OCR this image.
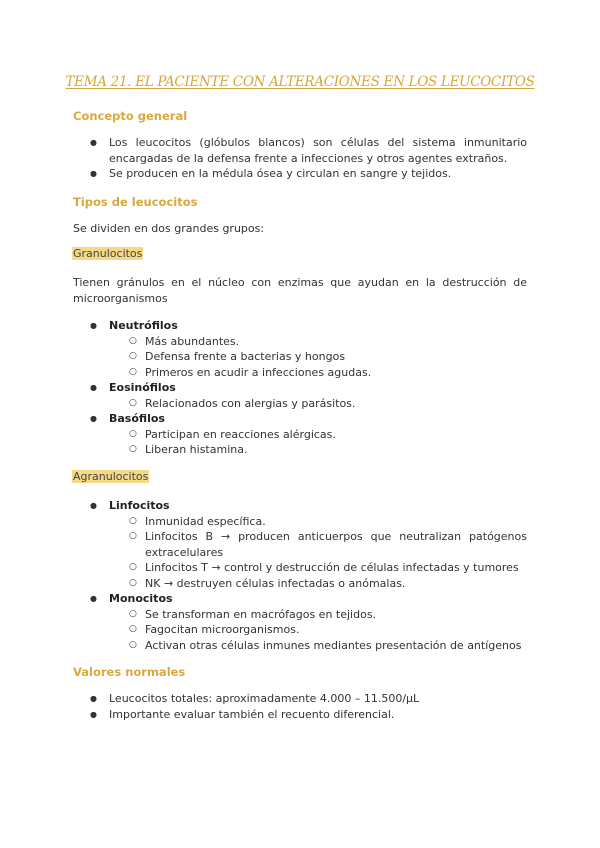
TEMA 21. EL PACIENTE CON ALTERACIONES EN LOS LEUCOCITOS
Concepto general
● Los leucocitos (glóbulos blancos) son células del sistema inmunitario encargadas de la defensa frente a infecciones y otros agentes extraños.
● Se producen en la médula ósea y circulan en sangre y tejidos.
Tipos de leucocitos
Se dividen en dos grandes grupos:
Granulocitos
Tienen gránulos en el núcleo con enzimas que ayudan en la destrucción de microorganismos
● Neutrófilos
○ Más abundantes.
○ Defensa frente a bacterias y hongos
○ Primeros en acudir a infecciones agudas.
● Eosinófilos
○ Relacionados con alergias y parásitos.
● Basófilos
○ Participan en reacciones alérgicas.
○ Liberan histamina.
Agranulocitos
● Linfocitos
○ Inmunidad específica.
○ Linfocitos B → producen anticuerpos que neutralizan patógenos extracelulares
○ Linfocitos T → control y destrucción de células infectadas y tumores
○ NK → destruyen células infectadas o anómalas.
● Monocitos
○ Se transforman en macrófagos en tejidos.
○ Fagocitan microorganismos.
○ Activan otras células inmunes mediantes presentación de antígenos
Valores normales
● Leucocitos totales: aproximadamente 4.000 – 11.500/µL
● Importante evaluar también el recuento diferencial.
